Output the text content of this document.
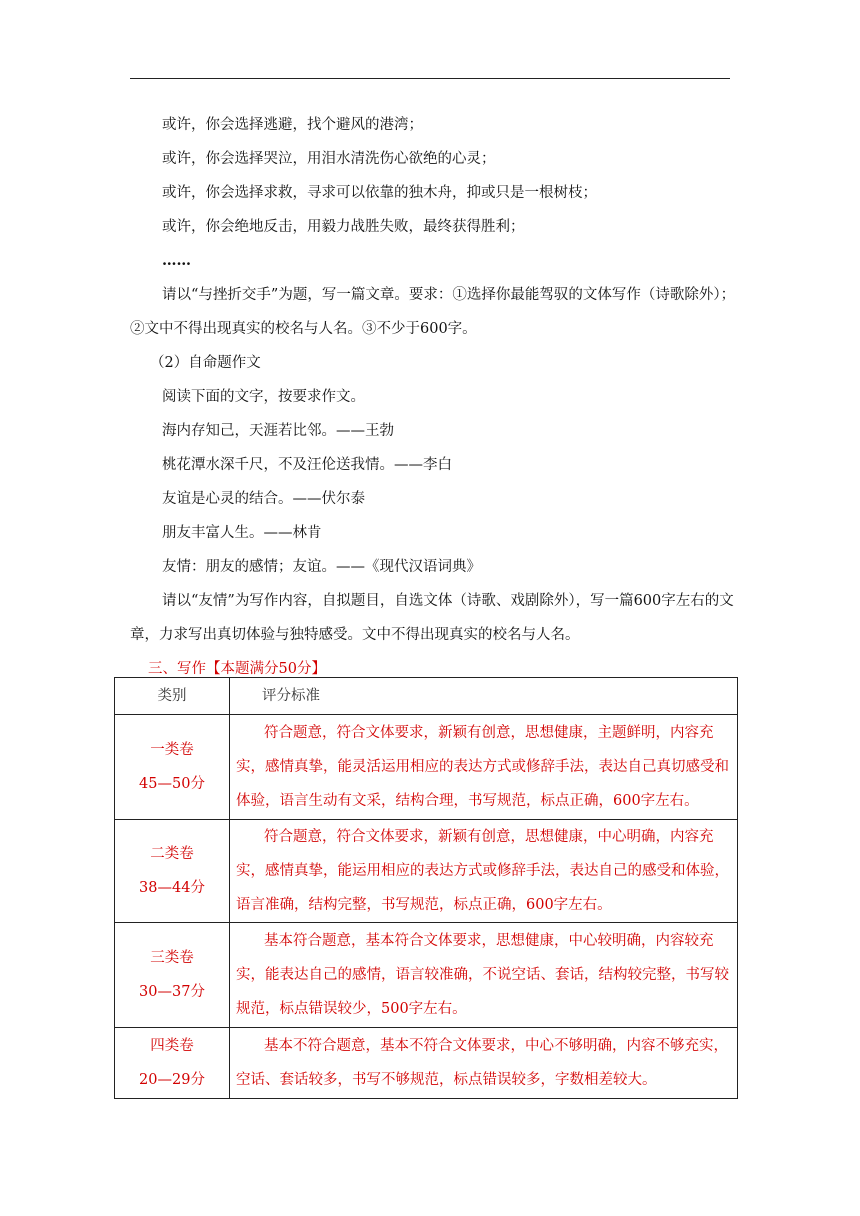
或许，你会选择逃避，找个避风的港湾；
或许，你会选择哭泣，用泪水清洗伤心欲绝的心灵；
或许，你会选择求救，寻求可以依靠的独木舟，抑或只是一根树枝；
或许，你会绝地反击，用毅力战胜失败，最终获得胜利；
……
请以“与挫折交手”为题，写一篇文章。要求：①选择你最能驾驭的文体写作（诗歌除外）；②文中不得出现真实的校名与人名。③不少于600字。
（2）自命题作文
阅读下面的文字，按要求作文。
海内存知己，天涯若比邻。——王勃
桃花潭水深千尺，不及汪伦送我情。——李白
友谊是心灵的结合。——伏尔泰
朋友丰富人生。——林肯
友情：朋友的感情；友谊。——《现代汉语词典》
请以“友情”为写作内容，自拟题目，自选文体（诗歌、戏剧除外），写一篇600字左右的文章，力求写出真切体验与独特感受。文中不得出现真实的校名与人名。
三、写作【本题满分50分】
类别	评分标准

一类卷
45—50分	符合题意，符合文体要求，新颖有创意，思想健康，主题鲜明，内容充实，感情真挚，能灵活运用相应的表达方式或修辞手法，表达自己真切感受和体验，语言生动有文采，结构合理，书写规范，标点正确，600字左右。

二类卷
38—44分	符合题意，符合文体要求，新颖有创意，思想健康，中心明确，内容充实，感情真挚，能运用相应的表达方式或修辞手法，表达自己的感受和体验，语言准确，结构完整，书写规范，标点正确，600字左右。

三类卷
30—37分	基本符合题意，基本符合文体要求，思想健康，中心较明确，内容较充实，能表达自己的感情，语言较准确，不说空话、套话，结构较完整，书写较规范，标点错误较少，500字左右。

四类卷
20—29分	基本不符合题意，基本不符合文体要求，中心不够明确，内容不够充实，空话、套话较多，书写不够规范，标点错误较多，字数相差较大。
